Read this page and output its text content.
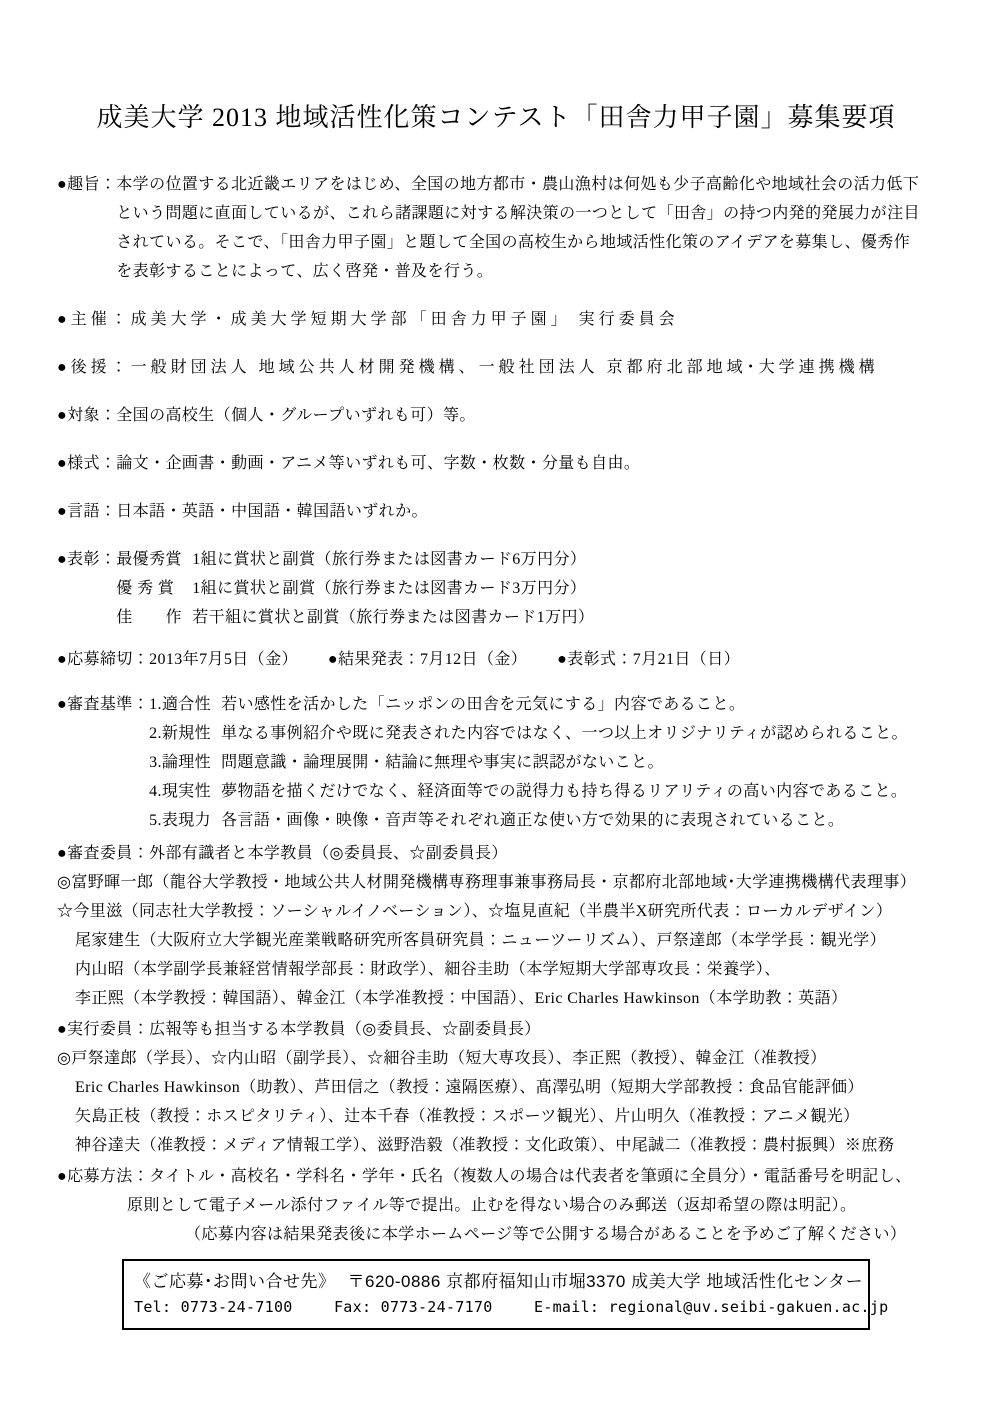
成美大学 2013 地域活性化策コンテスト「田舎力甲子園」募集要項
●趣旨： 本学の位置する北近畿エリアをはじめ、全国の地方都市・農山漁村は何処も少子高齢化や地域社会の活力低下
という問題に直面しているが、これら諸課題に対する解決策の一つとして「田舎」の持つ内発的発展力が注目
されている。そこで、「田舎力甲子園」と題して全国の高校生から地域活性化策のアイデアを募集し、優秀作
を表彰することによって、広く啓発・普及を行う。
●主催：成美大学・成美大学短期大学部「田舎力甲子園」 実行委員会
●後援：一般財団法人 地域公共人材開発機構、一般社団法人 京都府北部地域･大学連携機構
●対象：全国の高校生（個人・グループいずれも可）等。
●様式：論文・企画書・動画・アニメ等いずれも可、字数・枚数・分量も自由。
●言語：日本語・英語・中国語・韓国語いずれか。
●表彰： 最優秀賞 1組に賞状と副賞（旅行券または図書カード6万円分）
優 秀 賞	1組に賞状と副賞（旅行券または図書カード3万円分）
佳　　作 若干組に賞状と副賞（旅行券または図書カード1万円）
●応募締切：2013年7月5日（金） ●結果発表：7月12日（金） ●表彰式：7月21日（日）
●審査基準： 1.適合性 若い感性を活かした「ニッポンの田舎を元気にする」内容であること。
2.新規性 単なる事例紹介や既に発表された内容ではなく、一つ以上オリジナリティが認められること。
3.論理性 問題意識・論理展開・結論に無理や事実に誤認がないこと。
4.現実性 夢物語を描くだけでなく、経済面等での説得力も持ち得るリアリティの高い内容であること。
5.表現力 各言語・画像・映像・音声等それぞれ適正な使い方で効果的に表現されていること。
●審査委員：外部有識者と本学教員（◎委員長、☆副委員長）
◎富野暉一郎（龍谷大学教授・地域公共人材開発機構専務理事兼事務局長・京都府北部地域･大学連携機構代表理事）
☆今里滋（同志社大学教授：ソーシャルイノベーション）、☆塩見直紀（半農半X研究所代表：ローカルデザイン）
尾家建生（大阪府立大学観光産業戦略研究所客員研究員：ニューツーリズム）、戸祭達郎（本学学長：観光学）
内山昭（本学副学長兼経営情報学部長：財政学）、細谷圭助（本学短期大学部専攻長：栄養学）、
李正熙（本学教授：韓国語）、韓金江（本学准教授：中国語）、Eric Charles Hawkinson（本学助教：英語）
●実行委員：広報等も担当する本学教員（◎委員長、☆副委員長）
◎戸祭達郎（学長）、☆内山昭（副学長）、☆細谷圭助（短大専攻長）、李正熙（教授）、韓金江（准教授）
Eric Charles Hawkinson（助教）、芦田信之（教授：遠隔医療）、髙澤弘明（短期大学部教授：食品官能評価）
矢島正枝（教授：ホスピタリティ）、辻本千春（准教授：スポーツ観光）、片山明久（准教授：アニメ観光）
神谷達夫（准教授：メディア情報工学）、滋野浩毅（准教授：文化政策）、中尾誠二（准教授：農村振興）※庶務
●応募方法： タイトル・高校名・学科名・学年・氏名（複数人の場合は代表者を筆頭に全員分）・電話番号を明記し、
原則として電子メール添付ファイル等で提出。止むを得ない場合のみ郵送（返却希望の際は明記）。
（応募内容は結果発表後に本学ホームページ等で公開する場合があることを予めご了解ください）
《ご応募･お問い合せ先》 〒620-0886 京都府福知山市堀3370 成美大学 地域活性化センター
Tel: 0773-24-7100	Fax: 0773-24-7170	E-mail: regional@uv.seibi-gakuen.ac.jp
